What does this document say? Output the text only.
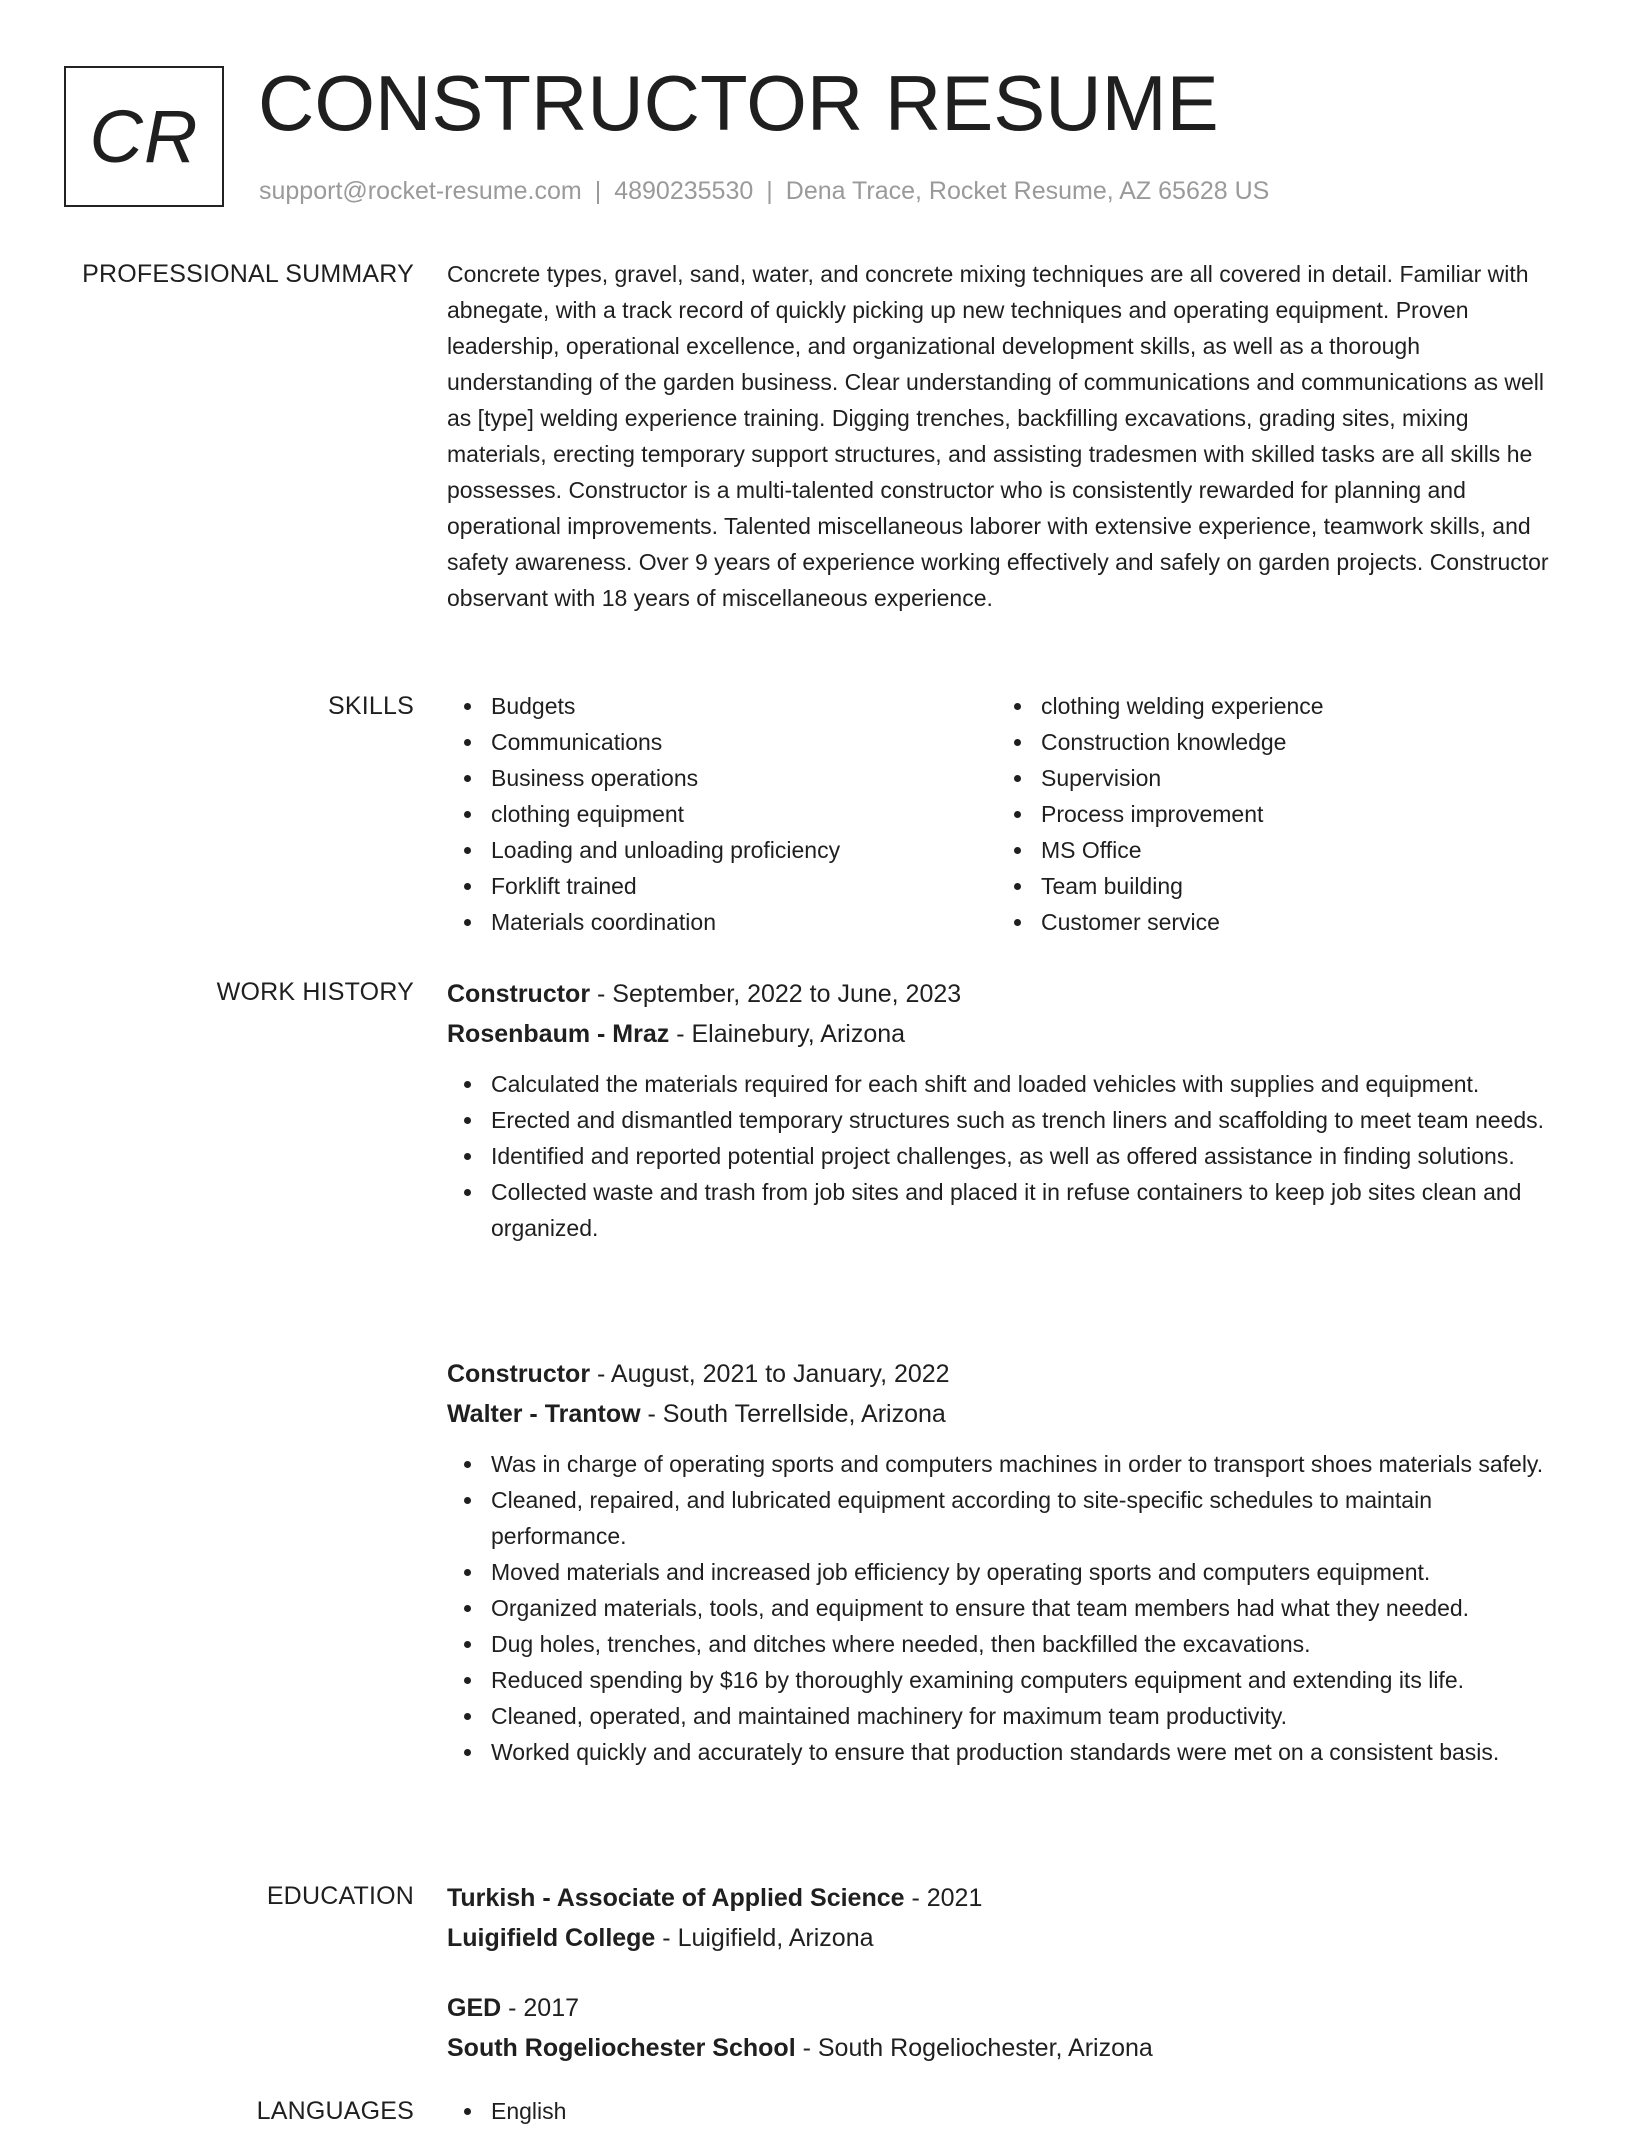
CR CONSTRUCTOR RESUME
support@rocket-resume.com | 4890235530 | Dena Trace, Rocket Resume, AZ 65628 US
PROFESSIONAL SUMMARY Concrete types, gravel, sand, water, and concrete mixing techniques are all covered in detail. Familiar with abnegate, with a track record of quickly picking up new techniques and operating equipment. Proven leadership, operational excellence, and organizational development skills, as well as a thorough understanding of the garden business. Clear understanding of communications and communications as well as [type] welding experience training. Digging trenches, backfilling excavations, grading sites, mixing materials, erecting temporary support structures, and assisting tradesmen with skilled tasks are all skills he possesses. Constructor is a multi-talented constructor who is consistently rewarded for planning and operational improvements. Talented miscellaneous laborer with extensive experience, teamwork skills, and safety awareness. Over 9 years of experience working effectively and safely on garden projects. Constructor observant with 18 years of miscellaneous experience.

SKILLS	Budgets
Communications
Business operations
clothing equipment
Loading and unloading proficiency
Forklift trained
Materials coordination
clothing welding experience
Construction knowledge
Supervision
Process improvement
MS Office
Team building
Customer service
WORK HISTORY Constructor - September, 2022 to June, 2023
Rosenbaum - Mraz - Elainebury, Arizona
Calculated the materials required for each shift and loaded vehicles with supplies and equipment.
Erected and dismantled temporary structures such as trench liners and scaffolding to meet team needs.
Identified and reported potential project challenges, as well as offered assistance in finding solutions.
Collected waste and trash from job sites and placed it in refuse containers to keep job sites clean and organized.
Constructor - August, 2021 to January, 2022
Walter - Trantow - South Terrellside, Arizona
Was in charge of operating sports and computers machines in order to transport shoes materials safely.
Cleaned, repaired, and lubricated equipment according to site-specific schedules to maintain performance.
Moved materials and increased job efficiency by operating sports and computers equipment.
Organized materials, tools, and equipment to ensure that team members had what they needed.
Dug holes, trenches, and ditches where needed, then backfilled the excavations.
Reduced spending by $16 by thoroughly examining computers equipment and extending its life.
Cleaned, operated, and maintained machinery for maximum team productivity.
Worked quickly and accurately to ensure that production standards were met on a consistent basis.
EDUCATION Turkish - Associate of Applied Science - 2021
Luigifield College - Luigifield, Arizona
GED - 2017
South Rogeliochester School - South Rogeliochester, Arizona
LANGUAGES	English
